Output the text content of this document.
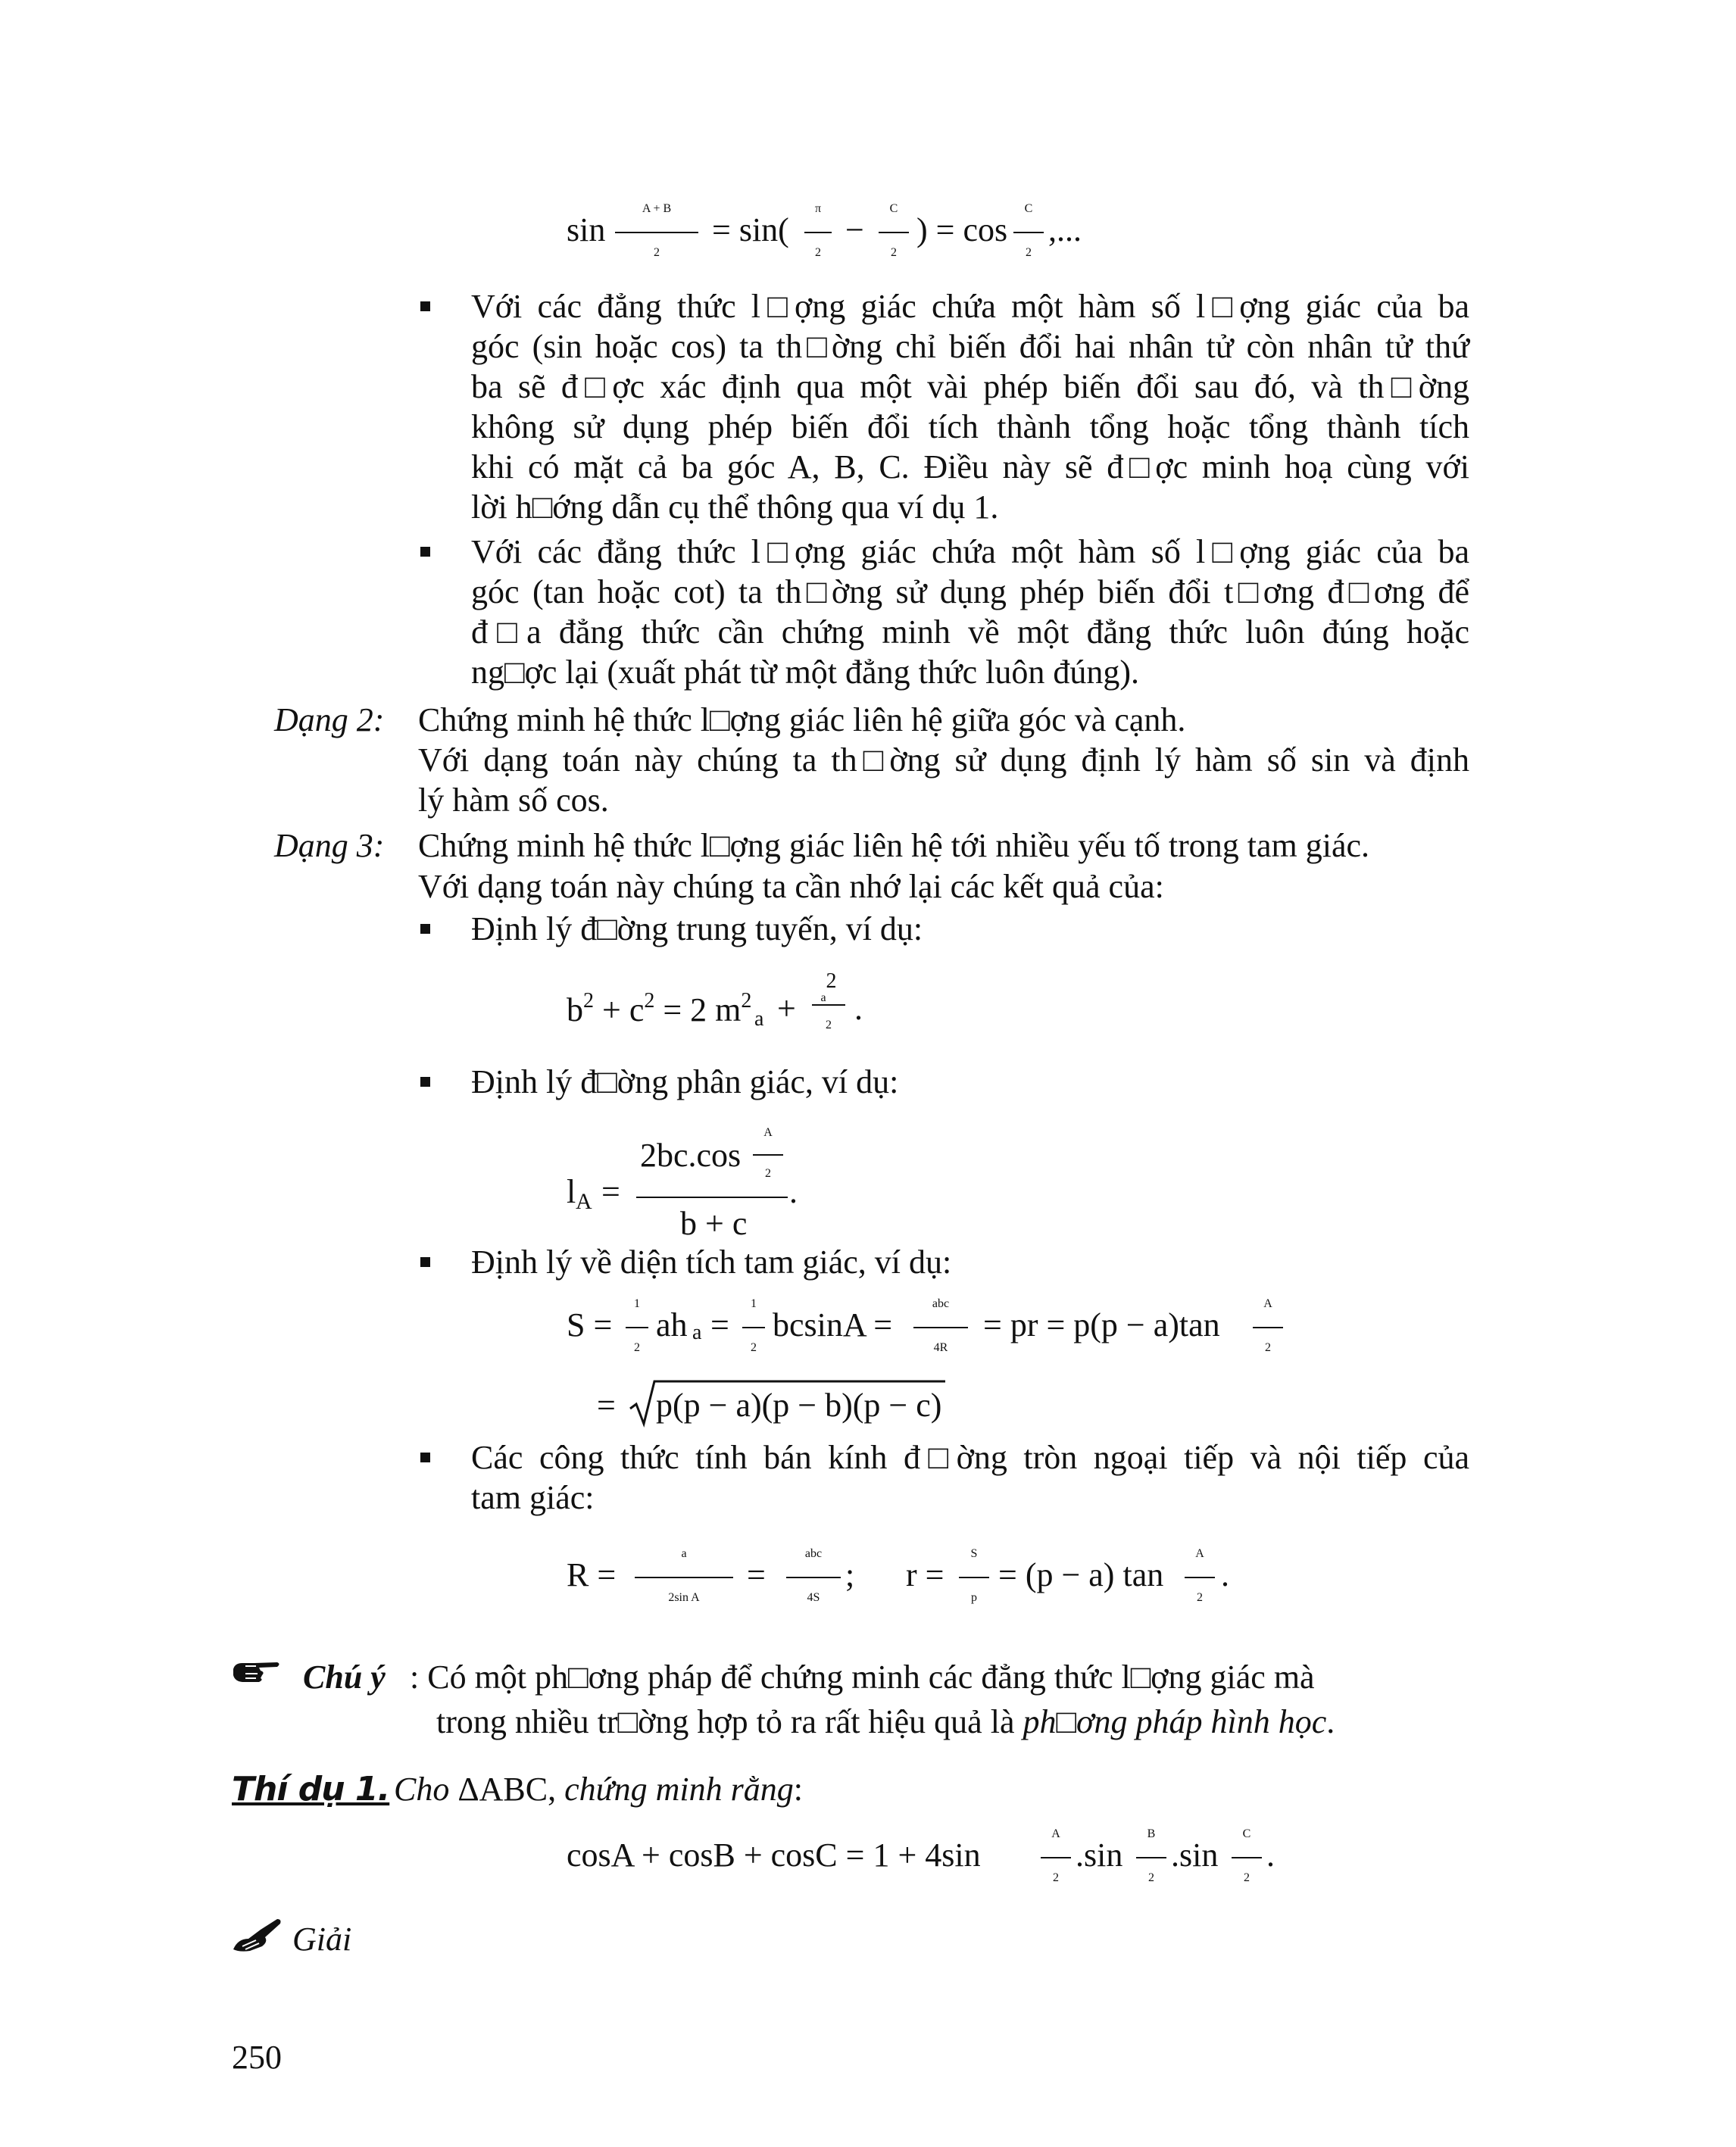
sin
A + B
2
= sin(
π
2
−
C
2
) = cos
C
2
,...
Với các đẳng thức l□ợng giác chứa một hàm số l□ợng giác của ba
góc (sin hoặc cos) ta th□ờng chỉ biến đổi hai nhân tử còn nhân tử thứ
ba sẽ đ□ợc xác định qua một vài phép biến đổi sau đó, và th□ờng
không sử dụng phép biến đổi tích thành tổng hoặc tổng thành tích
khi có mặt cả ba góc A, B, C. Điều này sẽ đ□ợc minh hoạ cùng với
lời h□ớng dẫn cụ thể thông qua ví dụ 1.
Với các đẳng thức l□ợng giác chứa một hàm số l□ợng giác của ba
góc (tan hoặc cot) ta th□ờng sử dụng phép biến đổi t□ơng đ□ơng để
đ□a đẳng thức cần chứng minh về một đẳng thức luôn đúng hoặc
ng□ợc lại (xuất phát từ một đẳng thức luôn đúng).
Dạng 2: Chứng minh hệ thức l□ợng giác liên hệ giữa góc và cạnh.
Với dạng toán này chúng ta th□ờng sử dụng định lý hàm số sin và định
lý hàm số cos.
Dạng 3: Chứng minh hệ thức l□ợng giác liên hệ tới nhiều yếu tố trong tam giác.
Với dạng toán này chúng ta cần nhớ lại các kết quả của:
Định lý đ□ờng trung tuyến, ví dụ:
$b^2 + c^2 = 2$ $m^2$
a +	a2
2 .
Định lý đ□ờng phân giác, ví dụ:
l A =
2bc.cos
A
2
b + c
.
Định lý về diện tích tam giác, ví dụ:
S =
1
2
ah a =
1
2
bcsinA =
abc
4R
= pr = p(p − a)tan
A
2
= p(p − a)(p − b)(p − c)
Các công thức tính bán kính đ□ờng tròn ngoại tiếp và nội tiếp của
tam giác:
R =
a
2sin A
=
abc
4S
; r =
S
p
= (p − a) tan
A
2
.
Chú ý : Có một ph□ơng pháp để chứng minh các đẳng thức l□ợng giác mà
trong nhiều tr□ờng hợp tỏ ra rất hiệu quả là ph□ơng pháp hình học.
Thí dụ 1. Cho ΔABC, chứng minh rằng:
cosA + cosB + cosC = 1 + 4sin
A
2
.sin
B
2
.sin
C
2
.
Giải
250
